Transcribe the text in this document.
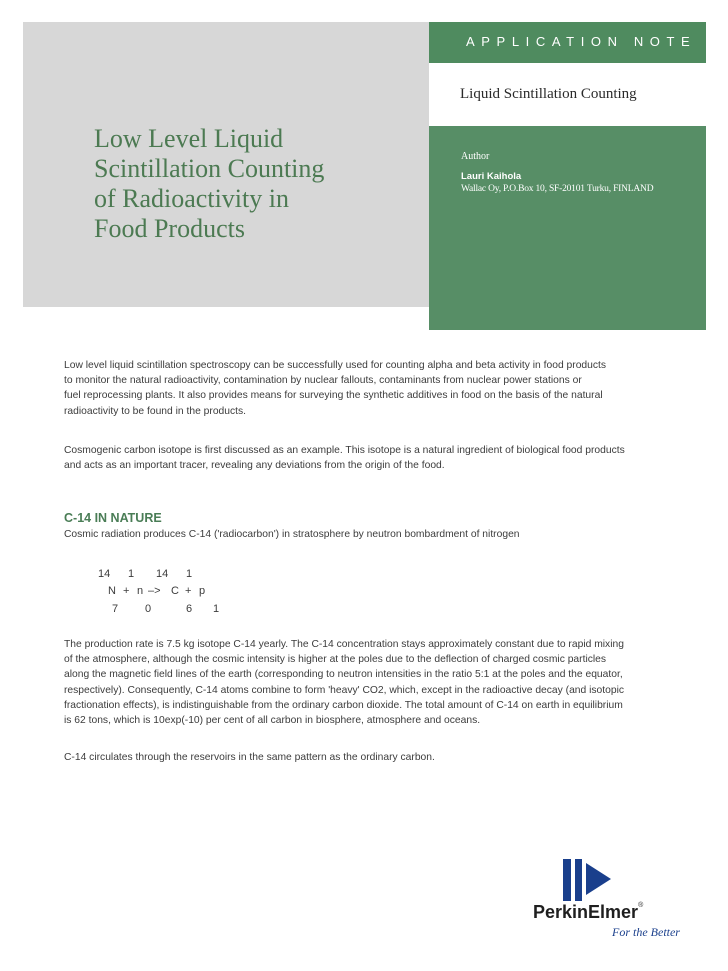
Low Level Liquid
Scintillation Counting
of Radioactivity in
Food Products

APPLICATION NOTE

Liquid Scintillation Counting

Author

Lauri Kaihola

Wallac Oy, P.O.Box 10, SF-20101 Turku, FINLAND

Low level liquid scintillation spectroscopy can be successfully used for counting alpha and beta activity in food products
to monitor the natural radioactivity, contamination by nuclear fallouts, contaminants from nuclear power stations or
fuel reprocessing plants. It also provides means for surveying the synthetic additives in food on the basis of the natural
radioactivity to be found in the products.

Cosmogenic carbon isotope is first discussed as an example. This isotope is a natural ingredient of biological food products
and acts as an important tracer, revealing any deviations from the origin of the food.

C-14 IN NATURE

Cosmic radiation produces C-14 ('radiocarbon') in stratosphere by neutron bombardment of nitrogen

14 1 14 1
N + n –> C + p
7 0	6 1

The production rate is 7.5 kg isotope C-14 yearly. The C-14 concentration stays approximately constant due to rapid mixing
of the atmosphere, although the cosmic intensity is higher at the poles due to the deflection of charged cosmic particles
along the magnetic field lines of the earth (corresponding to neutron intensities in the ratio 5:1 at the poles and the equator,
respectively). Consequently, C-14 atoms combine to form 'heavy' CO2, which, except in the radioactive decay (and isotopic
fractionation effects), is indistinguishable from the ordinary carbon dioxide. The total amount of C-14 on earth in equilibrium
is 62 tons, which is 10exp(-10) per cent of all carbon in biosphere, atmosphere and oceans.

C-14 circulates through the reservoirs in the same pattern as the ordinary carbon.

PerkinElmer®

For the Better
